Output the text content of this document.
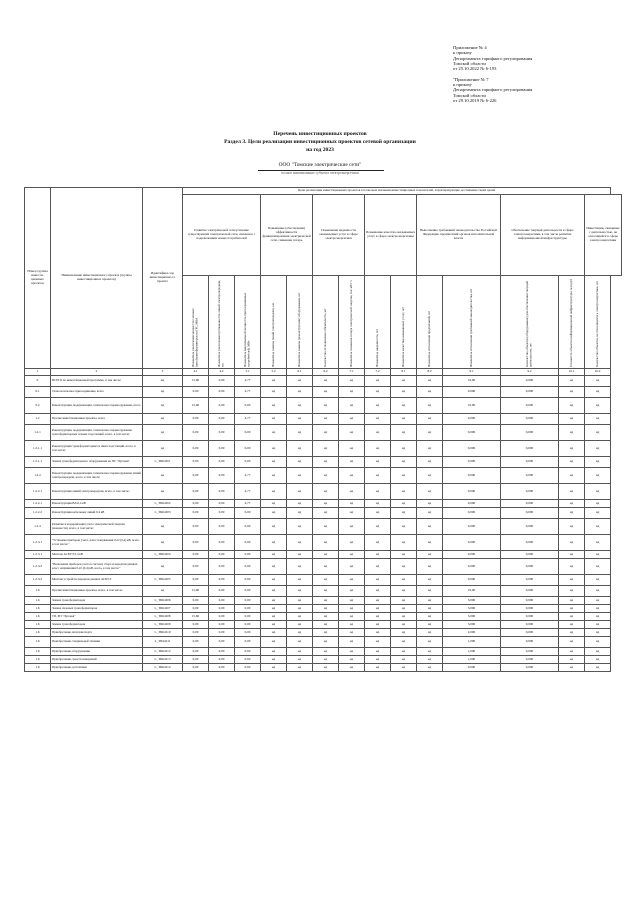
Приложение № 4
к приказу
Департамента тарифного регулирования
Томской области
от 25.10.2022 № 6-193

"Приложение № 7
к приказу
Департамента тарифного регулирования
Томской области
от 29.10.2019 № 6-226
Перечень инвестиционных проектов
Раздел 3. Цели реализации инвестиционных проектов сетевой организации
на год 2023
ООО "Томские электрические сети"
полное наименование субъекта электроэнергетики
Номер группы инвести-ционных проектов	Наименование инвестиционного проекта (группы инвестиционных проектов)	Идентифика-тор инвестиционно-го проекта	Цели реализации инвестиционных проектов в плановом значении инвестиционных показателей, характеризующие достижение таких целей													
			Развитие электрической сети/усиление существующей электрической сети, связанное с подключением новых потребителей			Повышение (обеспечение) эффективности функционирования электрической сети, снижение потерь		Повышение надежности оказываемых услуг в сфере электроэнергетики		Повышение качества оказываемых услуг в сфере электроэнергетики		Выполнение требований законодательства Российской Федерации, предписаний органов исполнительной власти		Обеспечение текущей деятельности в сфере электроэнергетики, в том числе развитие информационной инфраструктуры		Инвестиции, связанные с деятельностью, не относящейся к сфере электроэнергетики

			Показатель увеличения мощности силовых (авто)трансформаторов на ПС, МВА	Показатель увеличения протяженности линий электропередачи, км	Показатель максимальной мощности присоединяемых потребителей, МВт	Показатель замены линий электропередачи, км	Показатель замены (реконструкции) оборудования, шт	Количество исполненных обязательств, шт	Показатель снижения потерь электрической энергии, тыс.кВт·ч	Показатель надежности, шт	Показатель качества оказываемых услуг, шт	Показатель исполнения предписаний, шт	Показатель исполнения требований законодательства, шт	Количество объектов (оборудования) для обеспечения текущей деятельности, шт	Стоимость объектов информационной инфраструктуры, млн руб	Количество объектов, не относящихся к электроэнергетике, шт

1	2	3	4.1	4.2	5.1	5.2	6.1	6.2	7.1	7.2	8.1	8.2	9.1	9.2	10.1	10.2
0	ВСЕГО по инвестиционной программе, в том числе:	нд	15,60	0,00	4,77	нд	нд	нд	нд	нд	нд	нд	19,00	0,000	нд	нд
0.1	Технологическое присоединение, всего	нд	0,00	0,00	4,77	нд	нд	нд	нд	нд	нд	нд	0,000	0,000	нд	нд
0.2	Реконструкция, модернизация, техническое перевооружение, всего	нд	15,60	0,00	0,00	нд	нд	нд	нд	нд	нд	нд	19,00	0,000	нд	нд
1.2	Прочие инвестиционные проекты, всего	нд	0,00	0,00	4,77	нд	нд	нд	нд	нд	нд	нд	0,000	0,000	нд	нд
1.2.1	Реконструкция, модернизация, техническое перевооружение трансформаторных и иных подстанций, всего, в том числе:	нд	0,00	0,00	0,00	нд	нд	нд	нд	нд	нд	нд	0,000	0,000	нд	нд
1.2.1.1	Реконструкция трансформаторных и иных подстанций, всего, в том числе:	нд	0,00	0,00	0,00	нд	нд	нд	нд	нд	нд	нд	0,000	0,000	нд	нд
1.2.1.1	Замена трансформаторного оборудования на ПС "Луговая"	L_TRKO01	0,00	0,00	0,00	нд	нд	нд	нд	нд	нд	нд	0,000	0,000	нд	нд
1.2.2	Реконструкция, модернизация, техническое перевооружение линий электропередачи, всего, в том числе:	нд	0,00	0,00	4,77	нд	нд	нд	нд	нд	нд	нд	0,000	0,000	нд	нд
1.2.2.1	Реконструкция линий электропередачи, всего, в том числе:	нд	0,00	0,00	4,77	нд	нд	нд	нд	нд	нд	нд	0,000	0,000	нд	нд
1.2.2.1	Реконструкция ВЛ-0,4 кВ	L_TRKO02	0,00	0,00	4,77	нд	нд	нд	нд	нд	нд	нд	0,000	0,000	нд	нд
1.2.2.2	Реконструкция кабельных линий 0,4 кВ	L_TRKO03	0,00	0,00	0,00	нд	нд	нд	нд	нд	нд	нд	0,000	0,000	нд	нд
1.2.3	Развитие и модернизация учета электрической энергии (мощности), всего, в том числе:	нд	0,00	0,00	0,00	нд	нд	нд	нд	нд	нд	нд	0,000	0,000	нд	нд
1.2.3.1	"Установка приборов учета, класс напряжения 0,22 (0,4) кВ, всего, в том числе:"	нд	0,00	0,00	0,00	нд	нд	нд	нд	нд	нд	нд	0,000	0,000	нд	нд
1.2.3.1	Монтаж АСКУЭ 0,4 кВ	L_TRKO04	0,00	0,00	0,00	нд	нд	нд	нд	нд	нд	нд	0,000	0,000	нд	нд
1.2.3.2	"Включение приборов учета в систему сбора и передачи данных, класс напряжения 0,22 (0,4) кВ, всего, в том числе:"	нд	0,00	0,00	0,00	нд	нд	нд	нд	нд	нд	нд	0,000	0,000	нд	нд
1.2.3.2	Монтаж устройств передачи данных АСКУЭ	L_TRKO05	0,00	0,00	0,00	нд	нд	нд	нд	нд	нд	нд	0,000	0,000	нд	нд
1.6	Прочие инвестиционные проекты, всего, в том числе:	нд	15,60	0,00	0,00	нд	нд	нд	нд	нд	нд	нд	19,00	0,000	нд	нд
1.6	Замена трансформаторов	L_TRKO06	0,00	0,00	0,00	нд	нд	нд	нд	нд	нд	нд	3,000	0,000	нд	нд
1.6	Замена силовых трансформаторов	L_TRKO07	0,00	0,00	0,00	нд	нд	нд	нд	нд	нд	нд	3,000	0,000	нд	нд
1.6	ТП, РП "Луговая"	L_TRKO08	15,60	0,00	0,00	нд	нд	нд	нд	нд	нд	нд	5,000	0,000	нд	нд
1.6	Замена трансформаторов	L_TRKO09	0,00	0,00	0,00	нд	нд	нд	нд	нд	нд	нд	3,000	0,000	нд	нд
1.6	Приобретение автотранспорта	L_TRKO10	0,00	0,00	0,00	нд	нд	нд	нд	нд	нд	нд	2,000	0,000	нд	нд
1.6	Приобретение специальной техники	L_TRKO11	0,00	0,00	0,00	нд	нд	нд	нд	нд	нд	нд	1,000	0,000	нд	нд
1.6	Приобретение оборудования	L_TRKO12	0,00	0,00	0,00	нд	нд	нд	нд	нд	нд	нд	1,000	0,000	нд	нд
1.6	Приобретение средств измерений	L_TRKO13	0,00	0,00	0,00	нд	нд	нд	нд	нд	нд	нд	1,000	0,000	нд	нд
1.6	Приобретение оргтехники	L_TRKO14	0,00	0,00	0,00	нд	нд	нд	нд	нд	нд	нд	0,000	0,000	нд	нд
